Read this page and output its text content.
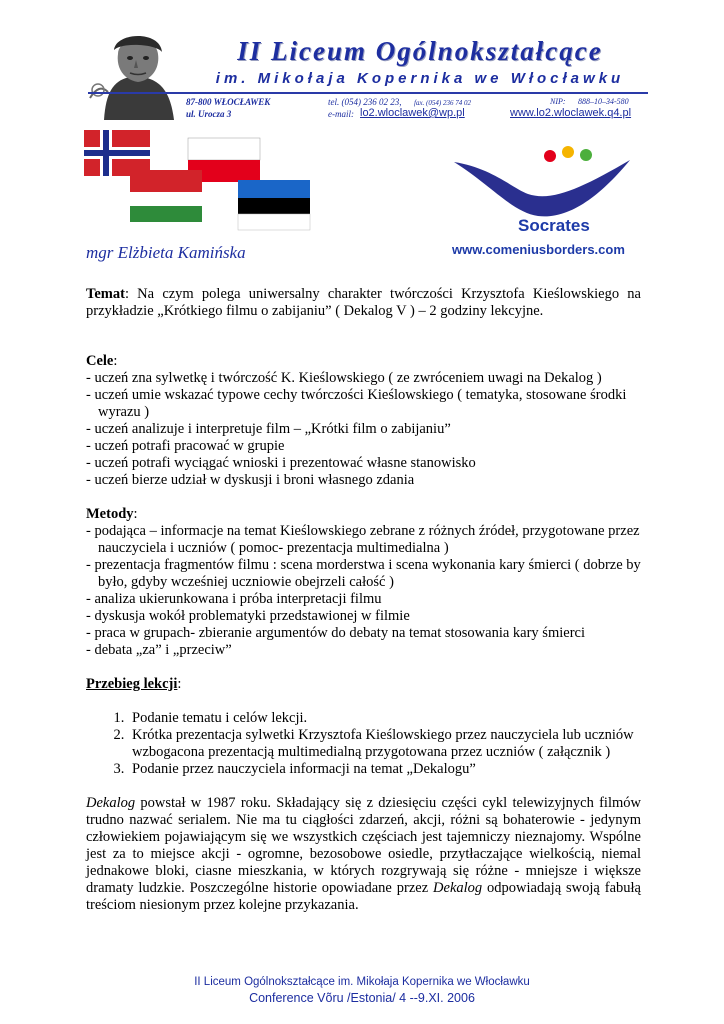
II Liceum Ogólnokształcące
im. Mikołaja Kopernika we Włocławku
87-800 WŁOCŁAWEK
ul. Urocza 3
tel. (054) 236 02 23, fax. (054) 236 74 02	NIP: 888–10–34-580
e-mail: lo2.wloclawek@wp.pl	www.lo2.wloclawek.q4.pl
Socrates
www.comeniusborders.com
mgr Elżbieta Kamińska

Temat: Na czym polega uniwersalny charakter twórczości Krzysztofa Kieślowskiego na przykładzie „Krótkiego filmu o zabijaniu” ( Dekalog V ) – 2 godziny lekcyjne.

Cele:

- uczeń zna sylwetkę i twórczość K. Kieślowskiego ( ze zwróceniem uwagi na Dekalog )
- uczeń umie wskazać typowe cechy twórczości Kieślowskiego ( tematyka, stosowane środki wyrazu )
- uczeń analizuje i interpretuje film – „Krótki film o zabijaniu”
- uczeń potrafi pracować w grupie
- uczeń potrafi wyciągać wnioski i prezentować własne stanowisko
- uczeń bierze udział w dyskusji i broni własnego zdania

Metody:

- podająca – informacje na temat Kieślowskiego zebrane z różnych źródeł, przygotowane przez nauczyciela i uczniów ( pomoc- prezentacja multimedialna )
- prezentacja fragmentów filmu : scena morderstwa i scena wykonania kary śmierci ( dobrze by było, gdyby wcześniej uczniowie obejrzeli całość )
- analiza ukierunkowana i próba interpretacji filmu
- dyskusja wokół problematyki przedstawionej w filmie
- praca w grupach- zbieranie argumentów do debaty na temat stosowania kary śmierci
- debata „za” i „przeciw”

Przebieg lekcji:

1. Podanie tematu i celów lekcji.
2. Krótka prezentacja sylwetki Krzysztofa Kieślowskiego przez nauczyciela lub uczniów wzbogacona prezentacją multimedialną przygotowana przez uczniów ( załącznik )
3. Podanie przez nauczyciela informacji na temat „Dekalogu”

Dekalog powstał w 1987 roku. Składający się z dziesięciu części cykl telewizyjnych filmów trudno nazwać serialem. Nie ma tu ciągłości zdarzeń, akcji, różni są bohaterowie - jedynym człowiekiem pojawiającym się we wszystkich częściach jest tajemniczy nieznajomy. Wspólne jest za to miejsce akcji - ogromne, bezosobowe osiedle, przytłaczające wielkością, niemal jednakowe bloki, ciasne mieszkania, w których rozgrywają się różne - mniejsze i większe dramaty ludzkie. Poszczególne historie opowiadane przez Dekalog odpowiadają swoją fabułą treściom niesionym przez kolejne przykazania.

II Liceum Ogólnokształcące im. Mikołaja Kopernika we Włocławku
Conference Võru /Estonia/ 4 --9.XI. 2006
